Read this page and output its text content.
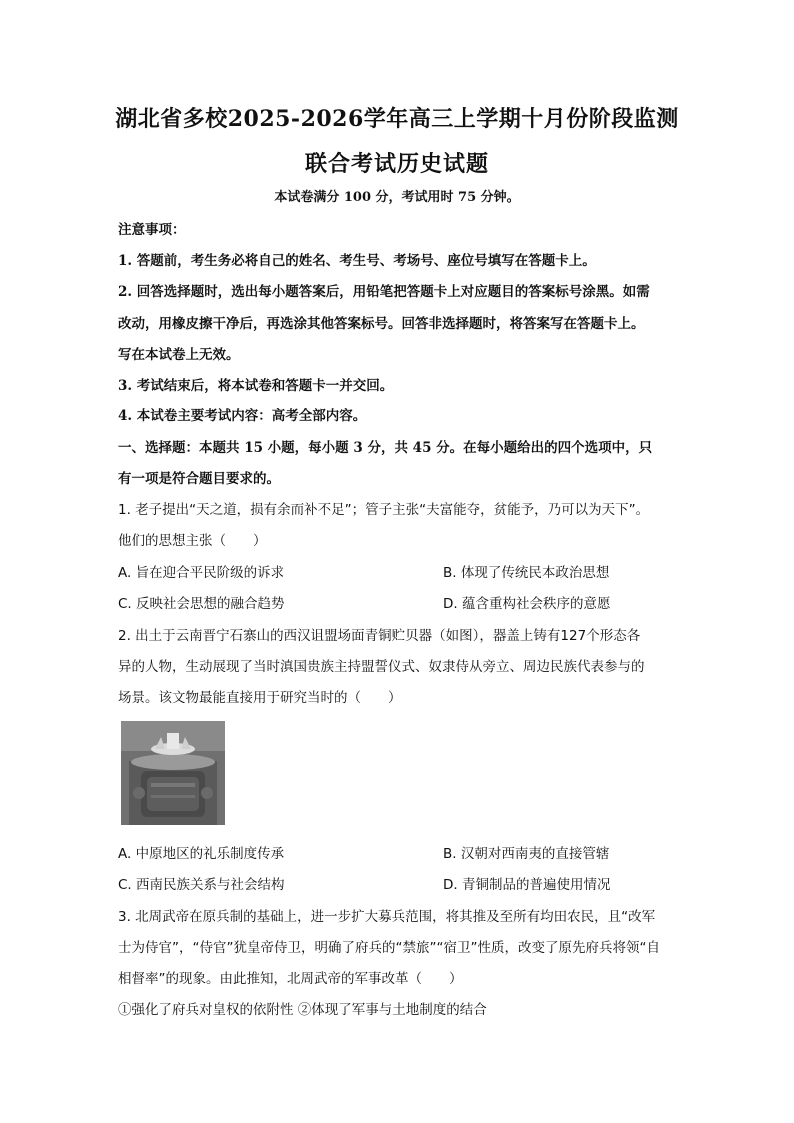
湖北省多校2025-2026学年高三上学期十月份阶段监测
联合考试历史试题
本试卷满分 100 分，考试用时 75 分钟。
注意事项：
1. 答题前，考生务必将自己的姓名、考生号、考场号、座位号填写在答题卡上。
2. 回答选择题时，选出每小题答案后，用铅笔把答题卡上对应题目的答案标号涂黑。如需
改动，用橡皮擦干净后，再选涂其他答案标号。回答非选择题时，将答案写在答题卡上。
写在本试卷上无效。
3. 考试结束后，将本试卷和答题卡一并交回。
4. 本试卷主要考试内容：高考全部内容。
一、选择题：本题共 15 小题，每小题 3 分，共 45 分。在每小题给出的四个选项中，只
有一项是符合题目要求的。
1. 老子提出“天之道，损有余而补不足”；管子主张“夫富能夺，贫能予，乃可以为天下”。
他们的思想主张（　　）
A. 旨在迎合平民阶级的诉求	B. 体现了传统民本政治思想
C. 反映社会思想的融合趋势	D. 蕴含重构社会秩序的意愿
2. 出土于云南晋宁石寨山的西汉诅盟场面青铜贮贝器（如图），器盖上铸有127个形态各
异的人物，生动展现了当时滇国贵族主持盟誓仪式、奴隶侍从旁立、周边民族代表参与的
场景。该文物最能直接用于研究当时的（　　）
A. 中原地区的礼乐制度传承	B. 汉朝对西南夷的直接管辖
C. 西南民族关系与社会结构	D. 青铜制品的普遍使用情况
3. 北周武帝在原兵制的基础上，进一步扩大募兵范围，将其推及至所有均田农民，且“改军
士为侍官”，“侍官”犹皇帝侍卫，明确了府兵的“禁旅”“宿卫”性质，改变了原先府兵将领“自
相督率”的现象。由此推知，北周武帝的军事改革（　　）
①强化了府兵对皇权的依附性 ②体现了军事与土地制度的结合
